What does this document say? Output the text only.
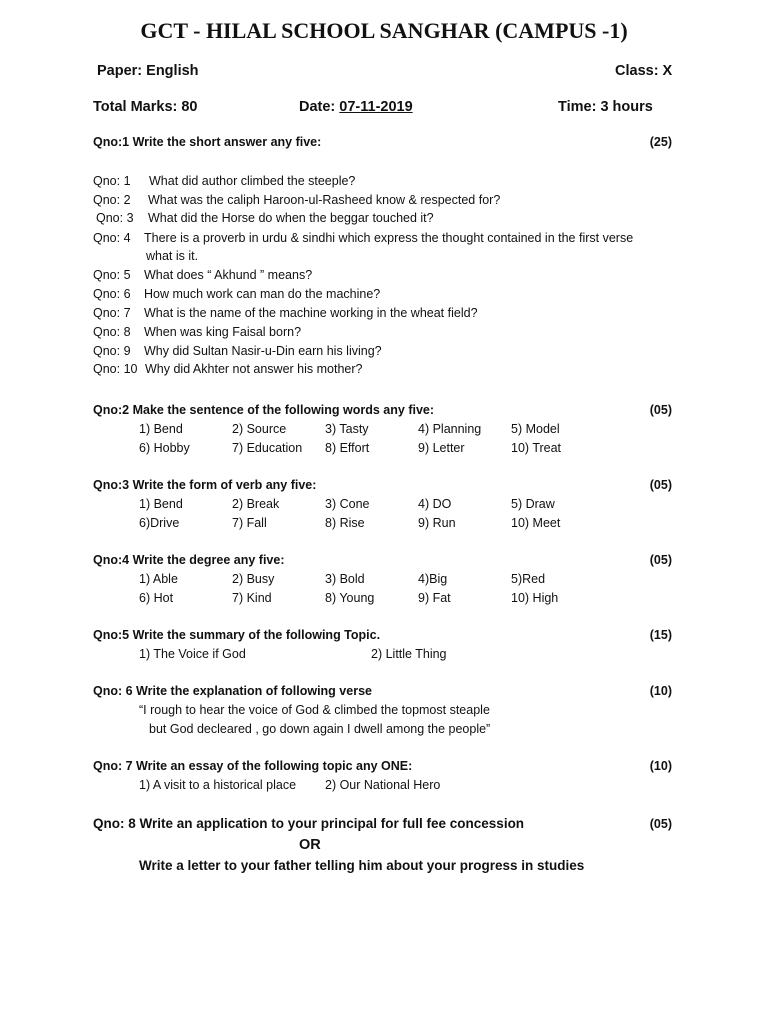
GCT - HILAL SCHOOL SANGHAR (CAMPUS -1)
Paper: English	Class: X
Total Marks: 80	Date: 07-11-2019	Time: 3 hours
Qno:1 Write the short answer any five:	(25)
Qno: 1 What did author climbed the steeple?
Qno: 2 What was the caliph Haroon-ul-Rasheed know & respected for?
Qno: 3 What did the Horse do when the beggar touched it?
Qno: 4 There is a proverb in urdu & sindhi which express the thought contained in the first verse
what is it.
Qno: 5 What does “ Akhund ” means?
Qno: 6 How much work can man do the machine?
Qno: 7 What is the name of the machine working in the wheat field?
Qno: 8 When was king Faisal born?
Qno: 9 Why did Sultan Nasir-u-Din earn his living?
Qno: 10 Why did Akhter not answer his mother?
Qno:2 Make the sentence of the following words any five:	(05)
1) Bend	2) Source	3) Tasty	4) Planning 5) Model
6) Hobby	7) Education 8) Effort	9) Letter	10) Treat
Qno:3 Write the form of verb any five:	(05)
1) Bend	2) Break	3) Cone	4) DO	5) Draw
6)Drive	7) Fall	8) Rise	9) Run	10) Meet
Qno:4 Write the degree any five:	(05)
1) Able	2) Busy	3) Bold	4)Big	5)Red
6) Hot	7) Kind	8) Young	9) Fat	10) High
Qno:5 Write the summary of the following Topic.	(15)
1) The Voice if God	2) Little Thing
Qno: 6 Write the explanation of following verse	(10)
“I rough to hear the voice of God & climbed the topmost steaple
but God decleared , go down again I dwell among the people”
Qno: 7 Write an essay of the following topic any ONE:	(10)
1) A visit to a historical place 2) Our National Hero
Qno: 8 Write an application to your principal for full fee concession	(05)
OR
Write a letter to your father telling him about your progress in studies
